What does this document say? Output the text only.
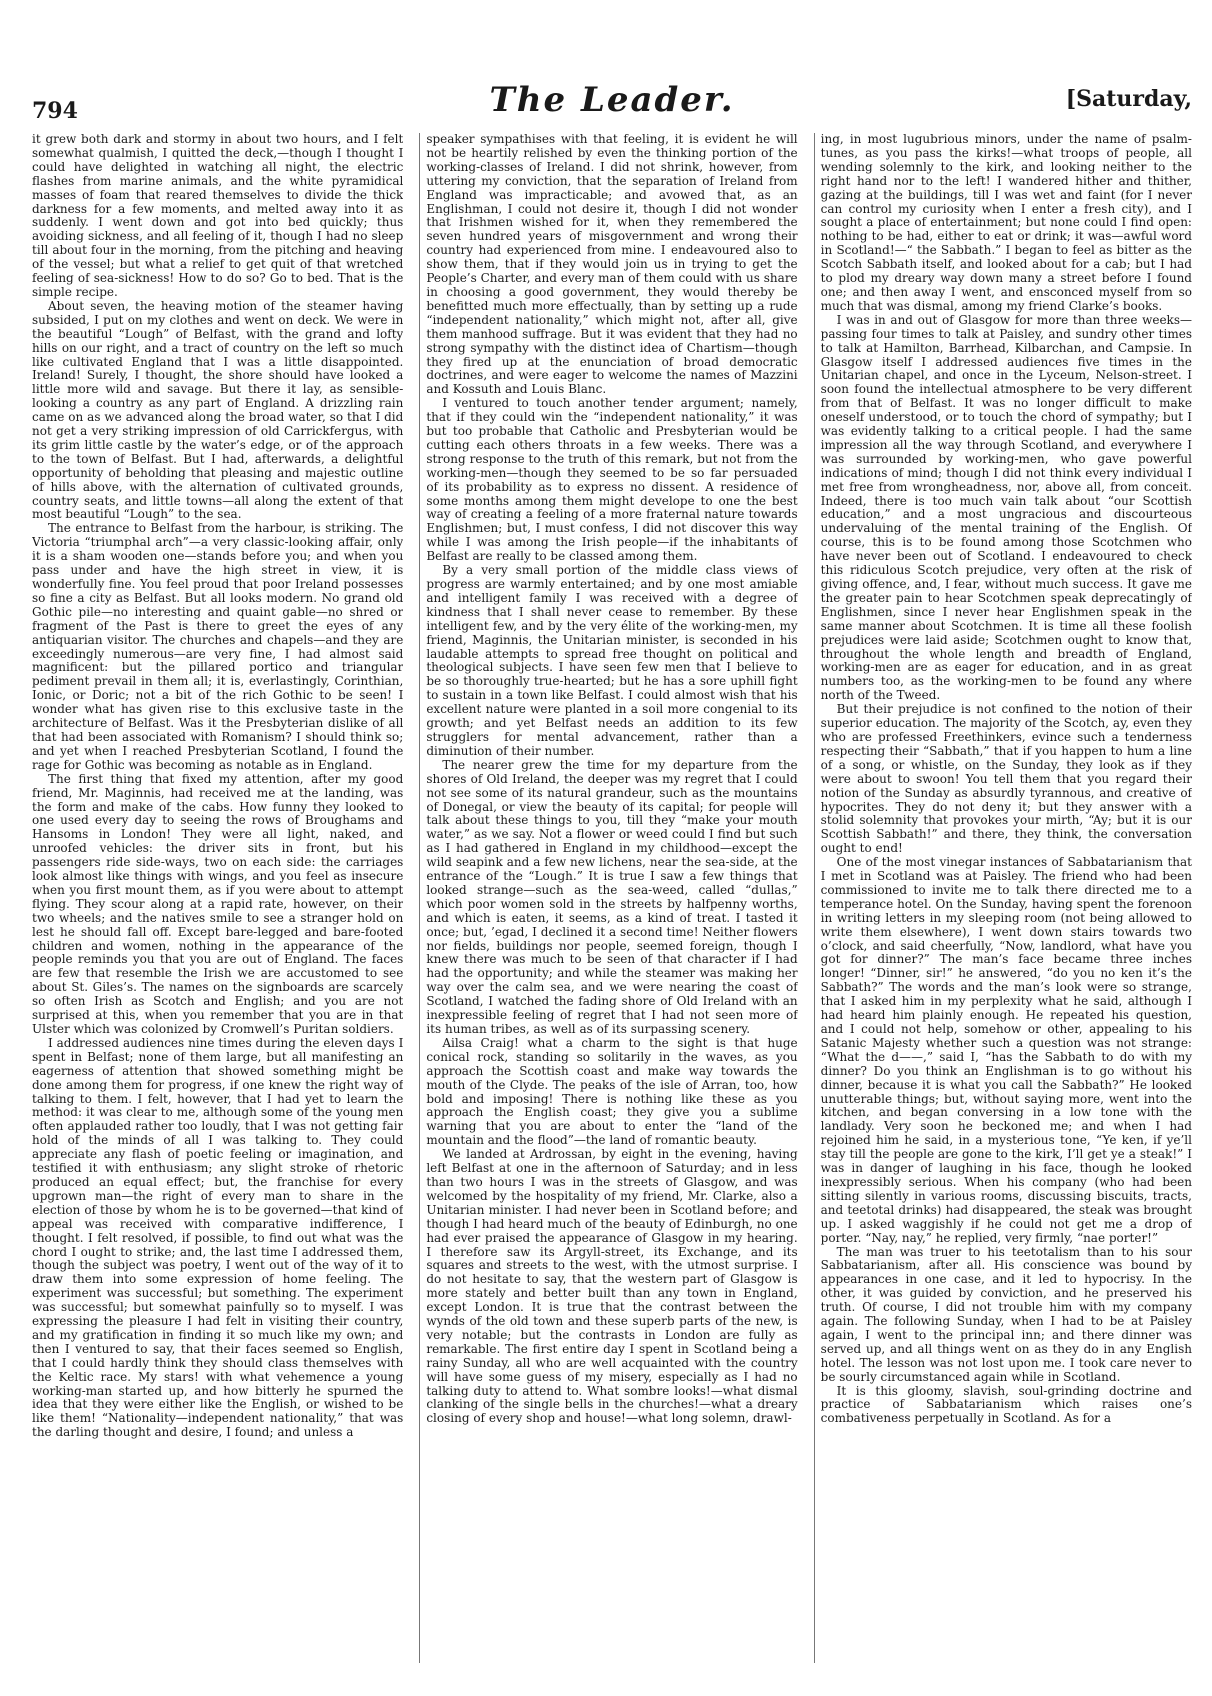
794	The Leader.	[Saturday,

it grew both dark and stormy in about two hours, and I felt somewhat qualmish, I quitted the deck,—though I thought I could have delighted in watching all night, the electric flashes from marine animals, and the white pyramidical masses of foam that reared themselves to divide the thick darkness for a few moments, and melted away into it as suddenly. I went down and got into bed quickly; thus avoiding sickness, and all feeling of it, though I had no sleep till about four in the morning, from the pitching and heaving of the vessel; but what a relief to get quit of that wretched feeling of sea-sickness! How to do so? Go to bed. That is the simple recipe.

About seven, the heaving motion of the steamer having subsided, I put on my clothes and went on deck. We were in the beautiful “Lough” of Belfast, with the grand and lofty hills on our right, and a tract of country on the left so much like cultivated England that I was a little disappointed. Ireland! Surely, I thought, the shore should have looked a little more wild and savage. But there it lay, as sensible-looking a country as any part of England. A drizzling rain came on as we advanced along the broad water, so that I did not get a very striking impression of old Carrickfergus, with its grim little castle by the water’s edge, or of the approach to the town of Belfast. But I had, afterwards, a delightful opportunity of beholding that pleasing and majestic outline of hills above, with the alternation of cultivated grounds, country seats, and little towns—all along the extent of that most beautiful “Lough” to the sea.

The entrance to Belfast from the harbour, is striking. The Victoria “triumphal arch”—a very classic-looking affair, only it is a sham wooden one—stands before you; and when you pass under and have the high street in view, it is wonderfully fine. You feel proud that poor Ireland possesses so fine a city as Belfast. But all looks modern. No grand old Gothic pile—no interesting and quaint gable—no shred or fragment of the Past is there to greet the eyes of any antiquarian visitor. The churches and chapels—and they are exceedingly numerous—are very fine, I had almost said magnificent: but the pillared portico and triangular pediment prevail in them all; it is, everlastingly, Corinthian, Ionic, or Doric; not a bit of the rich Gothic to be seen! I wonder what has given rise to this exclusive taste in the architecture of Belfast. Was it the Presbyterian dislike of all that had been associated with Romanism? I should think so; and yet when I reached Presbyterian Scotland, I found the rage for Gothic was becoming as notable as in England.

The first thing that fixed my attention, after my good friend, Mr. Maginnis, had received me at the landing, was the form and make of the cabs. How funny they looked to one used every day to seeing the rows of Broughams and Hansoms in London! They were all light, naked, and unroofed vehicles: the driver sits in front, but his passengers ride side-ways, two on each side: the carriages look almost like things with wings, and you feel as insecure when you first mount them, as if you were about to attempt flying. They scour along at a rapid rate, however, on their two wheels; and the natives smile to see a stranger hold on lest he should fall off. Except bare-legged and bare-footed children and women, nothing in the appearance of the people reminds you that you are out of England. The faces are few that resemble the Irish we are accustomed to see about St. Giles’s. The names on the signboards are scarcely so often Irish as Scotch and English; and you are not surprised at this, when you remember that you are in that Ulster which was colonized by Cromwell’s Puritan soldiers.

I addressed audiences nine times during the eleven days I spent in Belfast; none of them large, but all manifesting an eagerness of attention that showed something might be done among them for progress, if one knew the right way of talking to them. I felt, however, that I had yet to learn the method: it was clear to me, although some of the young men often applauded rather too loudly, that I was not getting fair hold of the minds of all I was talking to. They could appreciate any flash of poetic feeling or imagination, and testified it with enthusiasm; any slight stroke of rhetoric produced an equal effect; but, the franchise for every upgrown man—the right of every man to share in the election of those by whom he is to be governed—that kind of appeal was received with comparative indifference, I thought. I felt resolved, if possible, to find out what was the chord I ought to strike; and, the last time I addressed them, though the subject was poetry, I went out of the way of it to draw them into some expression of home feeling. The experiment was successful; but something. The experiment was successful; but somewhat painfully so to myself. I was expressing the pleasure I had felt in visiting their country, and my gratification in finding it so much like my own; and then I ventured to say, that their faces seemed so English, that I could hardly think they should class themselves with the Keltic race. My stars! with what vehemence a young working-man started up, and how bitterly he spurned the idea that they were either like the English, or wished to be like them! “Nationality—independent nationality,” that was the darling thought and desire, I found; and unless a

speaker sympathises with that feeling, it is evident he will not be heartily relished by even the thinking portion of the working-classes of Ireland. I did not shrink, however, from uttering my conviction, that the separation of Ireland from England was impracticable; and avowed that, as an Englishman, I could not desire it, though I did not wonder that Irishmen wished for it, when they remembered the seven hundred years of misgovernment and wrong their country had experienced from mine. I endeavoured also to show them, that if they would join us in trying to get the People’s Charter, and every man of them could with us share in choosing a good government, they would thereby be benefitted much more effectually, than by setting up a rude “independent nationality,” which might not, after all, give them manhood suffrage. But it was evident that they had no strong sympathy with the distinct idea of Chartism—though they fired up at the enunciation of broad democratic doctrines, and were eager to welcome the names of Mazzini and Kossuth and Louis Blanc.

I ventured to touch another tender argument; namely, that if they could win the “independent nationality,” it was but too probable that Catholic and Presbyterian would be cutting each others throats in a few weeks. There was a strong response to the truth of this remark, but not from the working-men—though they seemed to be so far persuaded of its probability as to express no dissent. A residence of some months among them might develope to one the best way of creating a feeling of a more fraternal nature towards Englishmen; but, I must confess, I did not discover this way while I was among the Irish people—if the inhabitants of Belfast are really to be classed among them.

By a very small portion of the middle class views of progress are warmly entertained; and by one most amiable and intelligent family I was received with a degree of kindness that I shall never cease to remember. By these intelligent few, and by the very élite of the working-men, my friend, Maginnis, the Unitarian minister, is seconded in his laudable attempts to spread free thought on political and theological subjects. I have seen few men that I believe to be so thoroughly true-hearted; but he has a sore uphill fight to sustain in a town like Belfast. I could almost wish that his excellent nature were planted in a soil more congenial to its growth; and yet Belfast needs an addition to its few strugglers for mental advancement, rather than a diminution of their number.

The nearer grew the time for my departure from the shores of Old Ireland, the deeper was my regret that I could not see some of its natural grandeur, such as the mountains of Donegal, or view the beauty of its capital; for people will talk about these things to you, till they “make your mouth water,” as we say. Not a flower or weed could I find but such as I had gathered in England in my childhood—except the wild seapink and a few new lichens, near the sea-side, at the entrance of the “Lough.” It is true I saw a few things that looked strange—such as the sea-weed, called “dullas,” which poor women sold in the streets by halfpenny worths, and which is eaten, it seems, as a kind of treat. I tasted it once; but, ’egad, I declined it a second time! Neither flowers nor fields, buildings nor people, seemed foreign, though I knew there was much to be seen of that character if I had had the opportunity; and while the steamer was making her way over the calm sea, and we were nearing the coast of Scotland, I watched the fading shore of Old Ireland with an inexpressible feeling of regret that I had not seen more of its human tribes, as well as of its surpassing scenery.

Ailsa Craig! what a charm to the sight is that huge conical rock, standing so solitarily in the waves, as you approach the Scottish coast and make way towards the mouth of the Clyde. The peaks of the isle of Arran, too, how bold and imposing! There is nothing like these as you approach the English coast; they give you a sublime warning that you are about to enter the “land of the mountain and the flood”—the land of romantic beauty.

We landed at Ardrossan, by eight in the evening, having left Belfast at one in the afternoon of Saturday; and in less than two hours I was in the streets of Glasgow, and was welcomed by the hospitality of my friend, Mr. Clarke, also a Unitarian minister. I had never been in Scotland before; and though I had heard much of the beauty of Edinburgh, no one had ever praised the appearance of Glasgow in my hearing. I therefore saw its Argyll-street, its Exchange, and its squares and streets to the west, with the utmost surprise. I do not hesitate to say, that the western part of Glasgow is more stately and better built than any town in England, except London. It is true that the contrast between the wynds of the old town and these superb parts of the new, is very notable; but the contrasts in London are fully as remarkable. The first entire day I spent in Scotland being a rainy Sunday, all who are well acquainted with the country will have some guess of my misery, especially as I had no talking duty to attend to. What sombre looks!—what dismal clanking of the single bells in the churches!—what a dreary closing of every shop and house!—what long solemn, drawl-

ing, in most lugubrious minors, under the name of psalm-tunes, as you pass the kirks!—what troops of people, all wending solemnly to the kirk, and looking neither to the right hand nor to the left! I wandered hither and thither, gazing at the buildings, till I was wet and faint (for I never can control my curiosity when I enter a fresh city), and I sought a place of entertainment; but none could I find open: nothing to be had, either to eat or drink; it was—awful word in Scotland!—“ the Sabbath.” I began to feel as bitter as the Scotch Sabbath itself, and looked about for a cab; but I had to plod my dreary way down many a street before I found one; and then away I went, and ensconced myself from so much that was dismal, among my friend Clarke’s books.

I was in and out of Glasgow for more than three weeks—passing four times to talk at Paisley, and sundry other times to talk at Hamilton, Barrhead, Kilbarchan, and Campsie. In Glasgow itself I addressed audiences five times in the Unitarian chapel, and once in the Lyceum, Nelson-street. I soon found the intellectual atmosphere to be very different from that of Belfast. It was no longer difficult to make oneself understood, or to touch the chord of sympathy; but I was evidently talking to a critical people. I had the same impression all the way through Scotland, and everywhere I was surrounded by working-men, who gave powerful indications of mind; though I did not think every individual I met free from wrongheadness, nor, above all, from conceit. Indeed, there is too much vain talk about “our Scottish education,” and a most ungracious and discourteous undervaluing of the mental training of the English. Of course, this is to be found among those Scotchmen who have never been out of Scotland. I endeavoured to check this ridiculous Scotch prejudice, very often at the risk of giving offence, and, I fear, without much success. It gave me the greater pain to hear Scotchmen speak deprecatingly of Englishmen, since I never hear Englishmen speak in the same manner about Scotchmen. It is time all these foolish prejudices were laid aside; Scotchmen ought to know that, throughout the whole length and breadth of England, working-men are as eager for education, and in as great numbers too, as the working-men to be found any where north of the Tweed.

But their prejudice is not confined to the notion of their superior education. The majority of the Scotch, ay, even they who are professed Freethinkers, evince such a tenderness respecting their “Sabbath,” that if you happen to hum a line of a song, or whistle, on the Sunday, they look as if they were about to swoon! You tell them that you regard their notion of the Sunday as absurdly tyrannous, and creative of hypocrites. They do not deny it; but they answer with a stolid solemnity that provokes your mirth, “Ay; but it is our Scottish Sabbath!” and there, they think, the conversation ought to end!

One of the most vinegar instances of Sabbatarianism that I met in Scotland was at Paisley. The friend who had been commissioned to invite me to talk there directed me to a temperance hotel. On the Sunday, having spent the forenoon in writing letters in my sleeping room (not being allowed to write them elsewhere), I went down stairs towards two o’clock, and said cheerfully, “Now, landlord, what have you got for dinner?” The man’s face became three inches longer! “Dinner, sir!” he answered, “do you no ken it’s the Sabbath?” The words and the man’s look were so strange, that I asked him in my perplexity what he said, although I had heard him plainly enough. He repeated his question, and I could not help, somehow or other, appealing to his Satanic Majesty whether such a question was not strange: “What the d——,” said I, “has the Sabbath to do with my dinner? Do you think an Englishman is to go without his dinner, because it is what you call the Sabbath?” He looked unutterable things; but, without saying more, went into the kitchen, and began conversing in a low tone with the landlady. Very soon he beckoned me; and when I had rejoined him he said, in a mysterious tone, “Ye ken, if ye’ll stay till the people are gone to the kirk, I’ll get ye a steak!” I was in danger of laughing in his face, though he looked inexpressibly serious. When his company (who had been sitting silently in various rooms, discussing biscuits, tracts, and teetotal drinks) had disappeared, the steak was brought up. I asked waggishly if he could not get me a drop of porter. “Nay, nay,” he replied, very firmly, “nae porter!”

The man was truer to his teetotalism than to his sour Sabbatarianism, after all. His conscience was bound by appearances in one case, and it led to hypocrisy. In the other, it was guided by conviction, and he preserved his truth. Of course, I did not trouble him with my company again. The following Sunday, when I had to be at Paisley again, I went to the principal inn; and there dinner was served up, and all things went on as they do in any English hotel. The lesson was not lost upon me. I took care never to be sourly circumstanced again while in Scotland.

It is this gloomy, slavish, soul-grinding doctrine and practice of Sabbatarianism which raises one’s combativeness perpetually in Scotland. As for a
